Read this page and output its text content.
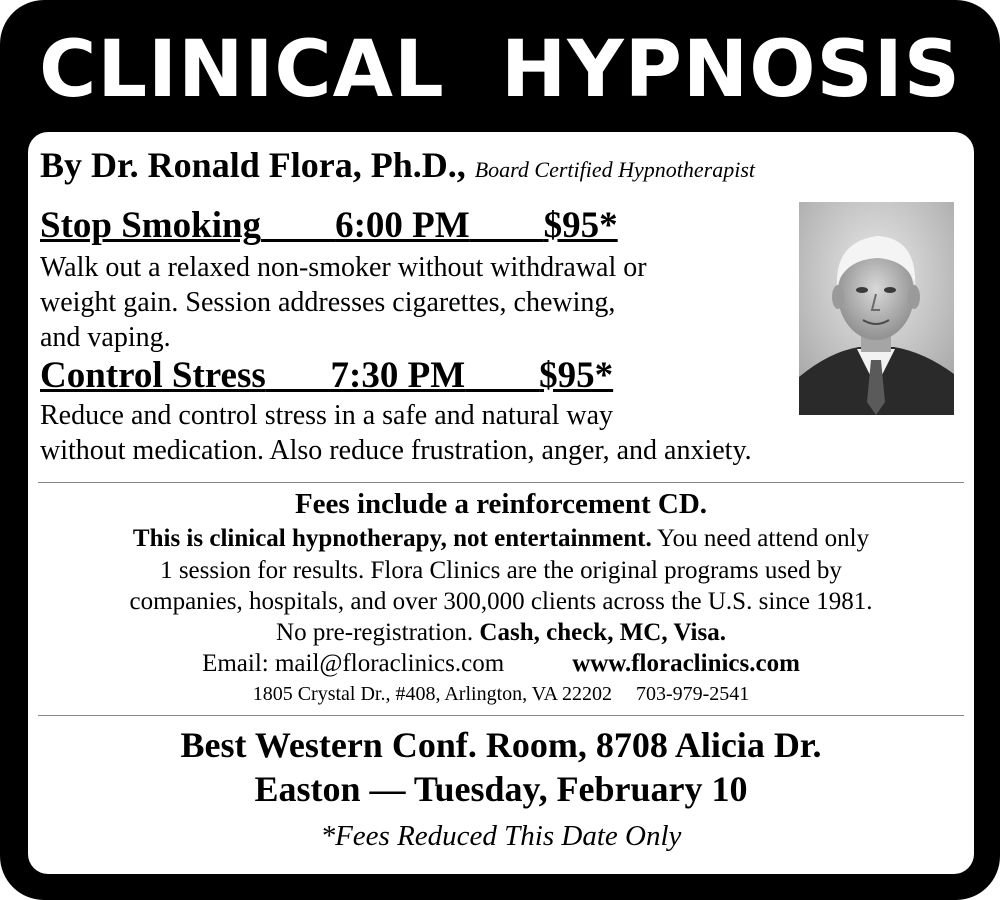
CLINICAL  HYPNOSIS
By Dr. Ronald Flora, Ph.D., Board Certified Hypnotherapist
Stop Smoking 6:00 PM $95*
Walk out a relaxed non-smoker without withdrawal or
weight gain. Session addresses cigarettes, chewing,
and vaping.
Control Stress 7:30 PM $95*
Reduce and control stress in a safe and natural way
without medication. Also reduce frustration, anger, and anxiety.
Fees include a reinforcement CD.
This is clinical hypnotherapy, not entertainment. You need attend only
1 session for results. Flora Clinics are the original programs used by
companies, hospitals, and over 300,000 clients across the U.S. since 1981.
No pre-registration. Cash, check, MC, Visa.
Email: mail@floraclinics.com	www.floraclinics.com
1805 Crystal Dr., #408, Arlington, VA 22202 703-979-2541
Best Western Conf. Room, 8708 Alicia Dr.
Easton — Tuesday, February 10
*Fees Reduced This Date Only
